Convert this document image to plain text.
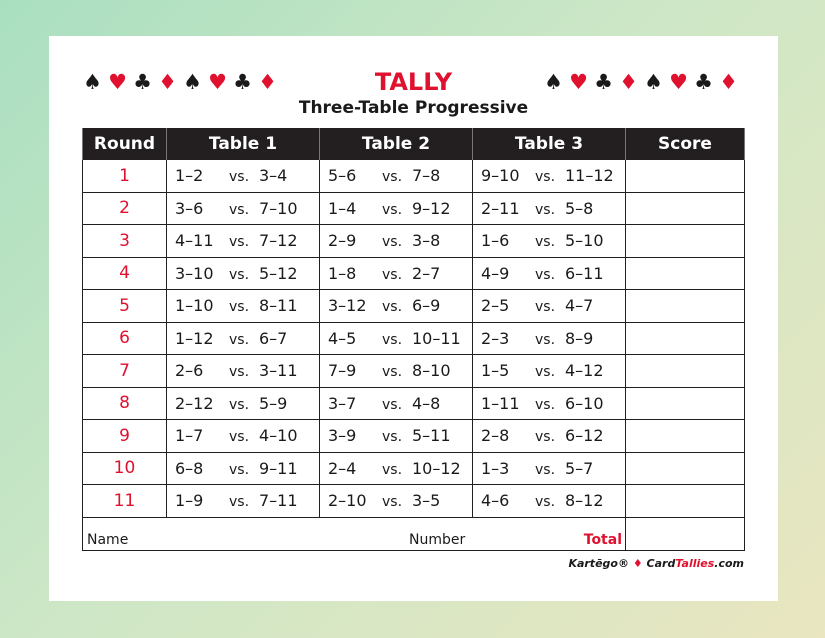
♠ ♥ ♣ ♦ ♠ ♥ ♣ ♦	TALLY	♠ ♥ ♣ ♦ ♠ ♥ ♣ ♦
Three-Table Progressive
Round	Table 1	Table 2	Table 3	Score
1	1–2 vs. 3–4	5–6 vs. 7–8	9–10 vs. 11–12	
2	3–6 vs. 7–10	1–4 vs. 9–12	2–11 vs. 5–8	
3	4–11 vs. 7–12	2–9 vs. 3–8	1–6 vs. 5–10	
4	3–10 vs. 5–12	1–8 vs. 2–7	4–9 vs. 6–11	
5	1–10 vs. 8–11	3–12 vs. 6–9	2–5 vs. 4–7	
6	1–12 vs. 6–7	4–5 vs. 10–11	2–3 vs. 8–9	
7	2–6 vs. 3–11	7–9 vs. 8–10	1–5 vs. 4–12	
8	2–12 vs. 5–9	3–7 vs. 4–8	1–11 vs. 6–10	
9	1–7 vs. 4–10	3–9 vs. 5–11	2–8 vs. 6–12	
10	6–8 vs. 9–11	2–4 vs. 10–12	1–3 vs. 5–7	
11	1–9 vs. 7–11	2–10 vs. 3–5	4–6 vs. 8–12	

Name Number Total				

Kartēgo® ♦ CardTallies.com
